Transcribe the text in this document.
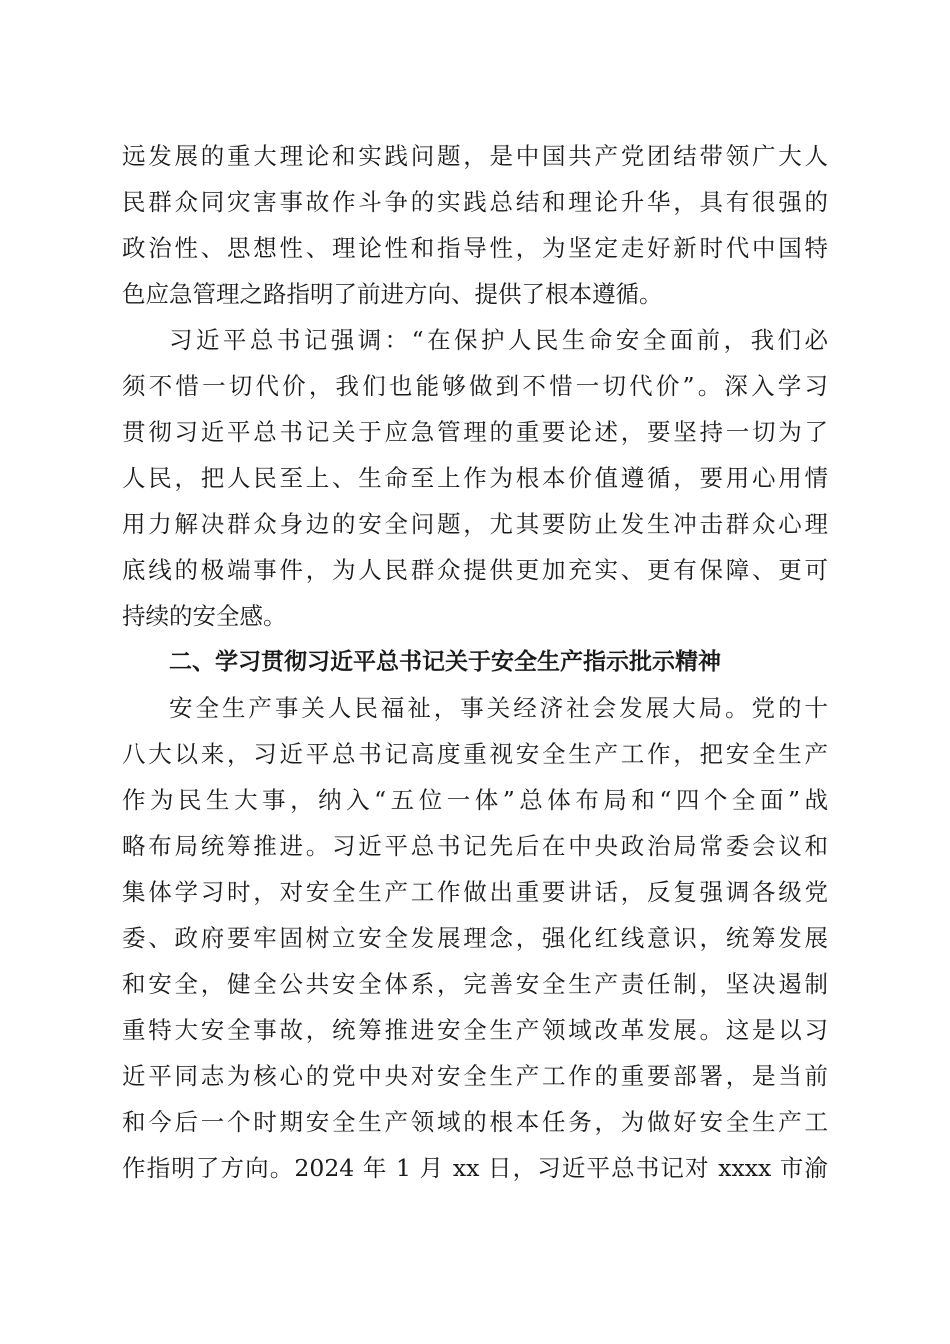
远发展的重大理论和实践问题，是中国共产党团结带领广大人
民群众同灾害事故作斗争的实践总结和理论升华，具有很强的
政治性、思想性、理论性和指导性，为坚定走好新时代中国特
色应急管理之路指明了前进方向、提供了根本遵循。
习近平总书记强调：“在保护人民生命安全面前，我们必
须不惜一切代价，我们也能够做到不惜一切代价”。深入学习
贯彻习近平总书记关于应急管理的重要论述，要坚持一切为了
人民，把人民至上、生命至上作为根本价值遵循，要用心用情
用力解决群众身边的安全问题，尤其要防止发生冲击群众心理
底线的极端事件，为人民群众提供更加充实、更有保障、更可
持续的安全感。
二、学习贯彻习近平总书记关于安全生产指示批示精神
安全生产事关人民福祉，事关经济社会发展大局。党的十
八大以来，习近平总书记高度重视安全生产工作，把安全生产
作为民生大事，纳入“五位一体”总体布局和“四个全面”战
略布局统筹推进。习近平总书记先后在中央政治局常委会议和
集体学习时，对安全生产工作做出重要讲话，反复强调各级党
委、政府要牢固树立安全发展理念，强化红线意识，统筹发展
和安全，健全公共安全体系，完善安全生产责任制，坚决遏制
重特大安全事故，统筹推进安全生产领域改革发展。这是以习
近平同志为核心的党中央对安全生产工作的重要部署，是当前
和今后一个时期安全生产领域的根本任务，为做好安全生产工
作指明了方向。2024 年 1 月 xx 日，习近平总书记对 xxxx 市渝
